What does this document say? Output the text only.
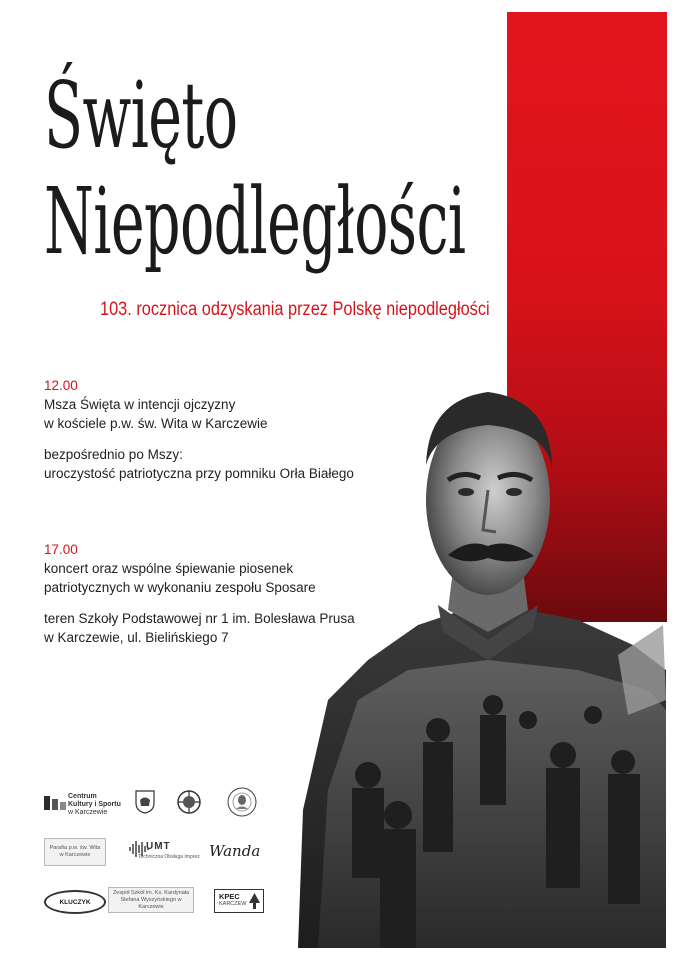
Święto
Niepodległości

103. rocznica odzyskania przez Polskę niepodległości

12.00

Msza Święta w intencji ojczyzny

w kościele p.w. św. Wita w Karczewie

bezpośrednio po Mszy:

uroczystość patriotyczna przy pomniku Orła Białego

17.00

koncert oraz wspólne śpiewanie piosenek

patriotycznych w wykonaniu zespołu Sposare

teren Szkoły Podstawowej nr 1 im. Bolesława Prusa

w Karczewie, ul. Bielińskiego 7

Centrum
Kultury i Sportu
w Karczewie
Parafia p.w. św. Wita
w Karczewie
UMT
Techniczna Obsługa Imprez Wanda
KLUCZYK
Zespół Szkół im. Ks. Kardynała
Stefana Wyszyńskiego w Karczewie
KPEC
KARCZEW
